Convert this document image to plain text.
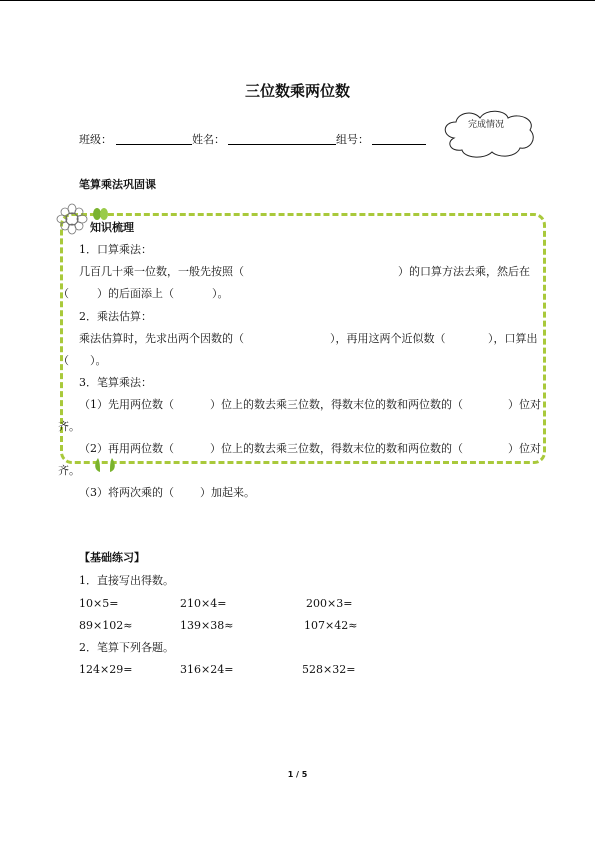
三位数乘两位数
班级：	姓名：	组号：
完成情况
笔算乘法巩固课
知识梳理
1．口算乘法：
几百几十乘一位数，一般先按照（	）的口算方法去乘，然后在
（	）的后面添上（	）。
2．乘法估算：
乘法估算时，先求出两个因数的（	），再用这两个近似数（	），口算出
（ ）。
3．笔算乘法：
（1）先用两位数（	）位上的数去乘三位数，得数末位的数和两位数的（	）位对
齐。
（2）再用两位数（	）位上的数去乘三位数，得数末位的数和两位数的（	）位对
齐。
（3）将两次乘的（ ）加起来。
【基础练习】
1．直接写出得数。
10×5=	210×4=	200×3=
89×102≈	139×38≈	107×42≈
2．笔算下列各题。
124×29=	316×24=	528×32=
1 / 5
